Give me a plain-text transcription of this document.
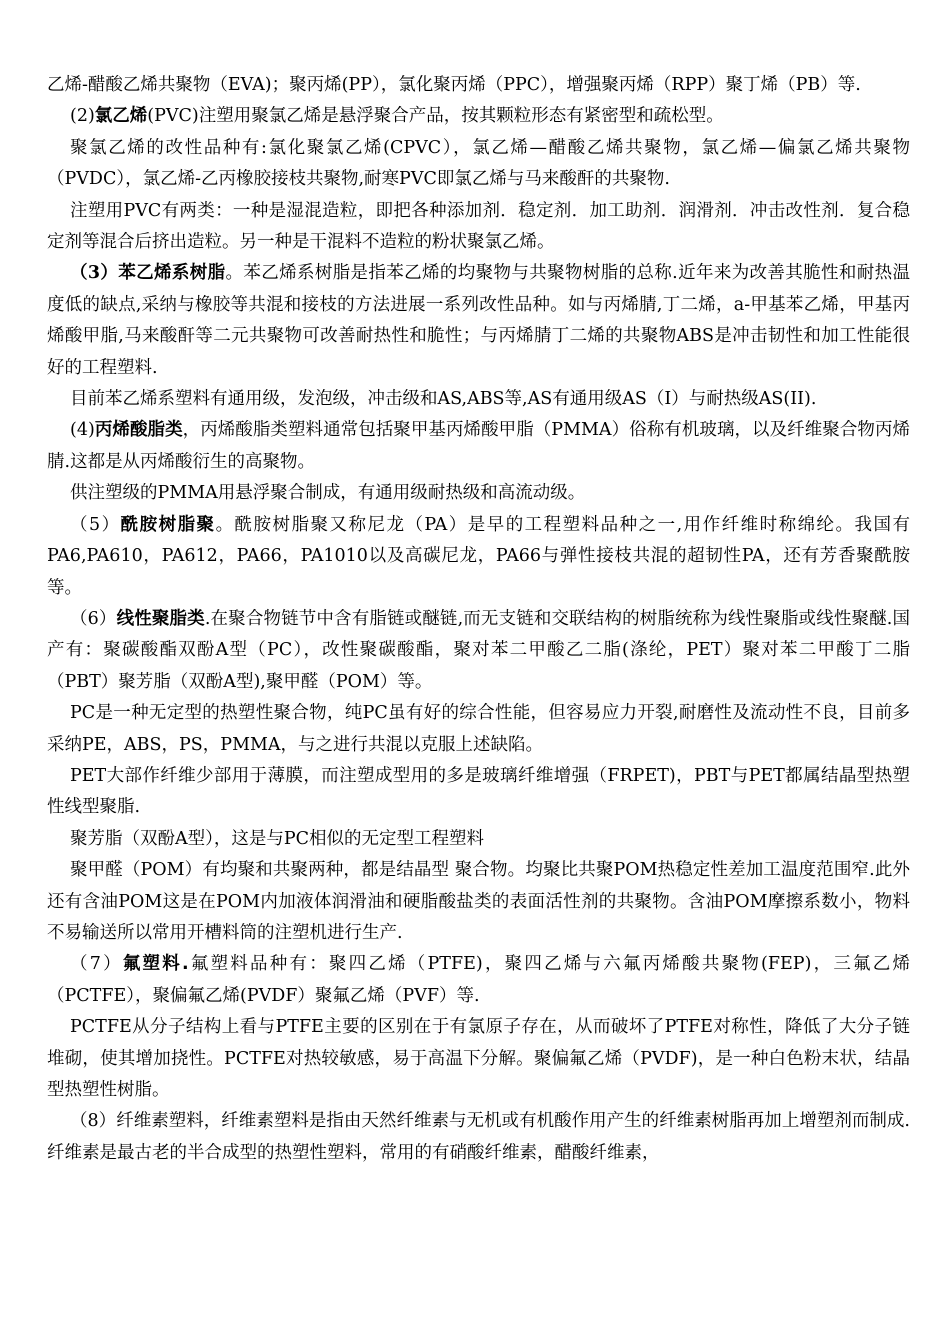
乙烯-醋酸乙烯共聚物（EVA)；聚丙烯(PP），氯化聚丙烯（PPC），增强聚丙烯（RPP）聚丁烯（PB）等.

(2)氯乙烯(PVC)注塑用聚氯乙烯是悬浮聚合产品，按其颗粒形态有紧密型和疏松型。

聚氯乙烯的改性品种有:氯化聚氯乙烯(CPVC），氯乙烯—醋酸乙烯共聚物，氯乙烯—偏氯乙烯共聚物（PVDC），氯乙烯-乙丙橡胶接枝共聚物,耐寒PVC即氯乙烯与马来酸酐的共聚物.

注塑用PVC有两类：一种是湿混造粒，即把各种添加剂．稳定剂．加工助剂．润滑剂．冲击改性剂．复合稳定剂等混合后挤出造粒。另一种是干混料不造粒的粉状聚氯乙烯。

（3）苯乙烯系树脂。苯乙烯系树脂是指苯乙烯的均聚物与共聚物树脂的总称.近年来为改善其脆性和耐热温度低的缺点,采纳与橡胶等共混和接枝的方法进展一系列改性品种。如与丙烯腈,丁二烯，a-甲基苯乙烯，甲基丙烯酸甲脂,马来酸酐等二元共聚物可改善耐热性和脆性；与丙烯腈丁二烯的共聚物ABS是冲击韧性和加工性能很好的工程塑料.

目前苯乙烯系塑料有通用级，发泡级，冲击级和AS,ABS等,AS有通用级AS（I）与耐热级AS(II).

(4)丙烯酸脂类，丙烯酸脂类塑料通常包括聚甲基丙烯酸甲脂（PMMA）俗称有机玻璃，以及纤维聚合物丙烯腈.这都是从丙烯酸衍生的高聚物。

供注塑级的PMMA用悬浮聚合制成，有通用级耐热级和高流动级。

（5）酰胺树脂聚。酰胺树脂聚又称尼龙（PA）是早的工程塑料品种之一,用作纤维时称绵纶。我国有PA6,PA610，PA612，PA66，PA1010以及高碳尼龙，PA66与弹性接枝共混的超韧性PA，还有芳香聚酰胺等。

（6）线性聚脂类.在聚合物链节中含有脂链或醚链,而无支链和交联结构的树脂统称为线性聚脂或线性聚醚.国产有：聚碳酸酯双酚A型（PC），改性聚碳酸酯，聚对苯二甲酸乙二脂(涤纶，PET）聚对苯二甲酸丁二脂（PBT）聚芳脂（双酚A型),聚甲醛（POM）等。

PC是一种无定型的热塑性聚合物，纯PC虽有好的综合性能，但容易应力开裂,耐磨性及流动性不良，目前多采纳PE，ABS，PS，PMMA，与之进行共混以克服上述缺陷。

PET大部作纤维少部用于薄膜，而注塑成型用的多是玻璃纤维增强（FRPET)，PBT与PET都属结晶型热塑性线型聚脂.

聚芳脂（双酚A型），这是与PC相似的无定型工程塑料

聚甲醛（POM）有均聚和共聚两种，都是结晶型 聚合物。均聚比共聚POM热稳定性差加工温度范围窄.此外还有含油POM这是在POM内加液体润滑油和硬脂酸盐类的表面活性剂的共聚物。含油POM摩擦系数小，物料不易输送所以常用开槽料筒的注塑机进行生产.

（7）氟塑料.氟塑料品种有：聚四乙烯（PTFE)，聚四乙烯与六氟丙烯酸共聚物(FEP)，三氟乙烯（PCTFE），聚偏氟乙烯(PVDF）聚氟乙烯（PVF）等.

PCTFE从分子结构上看与PTFE主要的区别在于有氯原子存在，从而破坏了PTFE对称性，降低了大分子链堆砌，使其增加挠性。PCTFE对热较敏感，易于高温下分解。聚偏氟乙烯（PVDF)，是一种白色粉末状，结晶型热塑性树脂。

（8）纤维素塑料，纤维素塑料是指由天然纤维素与无机或有机酸作用产生的纤维素树脂再加上增塑剂而制成.纤维素是最古老的半合成型的热塑性塑料，常用的有硝酸纤维素，醋酸纤维素，
